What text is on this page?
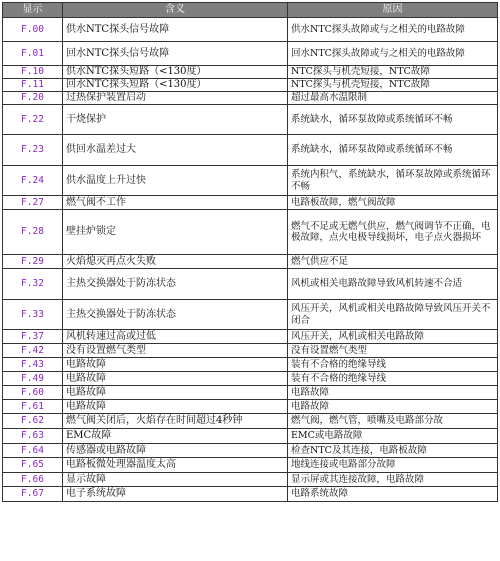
显示	含义	原因
F.00	供水NTC探头信号故障	供水NTC探头故障或与之相关的电路故障
F.01	回水NTC探头信号故障	回水NTC探头故障或与之相关的电路故障
F.10	供水NTC探头短路（<130度）	NTC探头与机壳短接，NTC故障
F.11	回水NTC探头短路（<130度）	NTC探头与机壳短接，NTC故障
F.20	过热保护装置启动	超过最高水温限制
F.22	干烧保护	系统缺水，循环泵故障或系统循环不畅
F.23	供回水温差过大	系统缺水，循环泵故障或系统循环不畅
F.24	供水温度上升过快	系统内积气，系统缺水，循环泵故障或系统循环不畅
F.27	燃气阀不工作	电路板故障，燃气阀故障
F.28	壁挂炉锁定	燃气不足或无燃气供应，燃气阀调节不正确，电极故障，点火电极导线损坏，电子点火器损坏
F.29	火焰熄灭再点火失败	燃气供应不足
F.32	主热交换器处于防冻状态	风机或相关电路故障导致风机转速不合适
F.33	主热交换器处于防冻状态	风压开关，风机或相关电路故障导致风压开关不闭合
F.37	风机转速过高或过低	风压开关，风机或相关电路故障
F.42	没有设置燃气类型	没有设置燃气类型
F.43	电路故障	装有不合格的绝缘导线
F.49	电路故障	装有不合格的绝缘导线
F.60	电路故障	电路故障
F.61	电路故障	电路故障
F.62	燃气阀关闭后，火焰存在时间超过4秒钟	燃气阀，燃气管，喷嘴及电路部分故
F.63	EMC故障	EMC或电路故障
F.64	传感器或电路故障	检查NTC及其连接，电路板故障
F.65	电路板微处理器温度太高	地线连接或电路部分故障
F.66	显示故障	显示屏或其连接故障，电路故障
F.67	电子系统故障	电路系统故障
